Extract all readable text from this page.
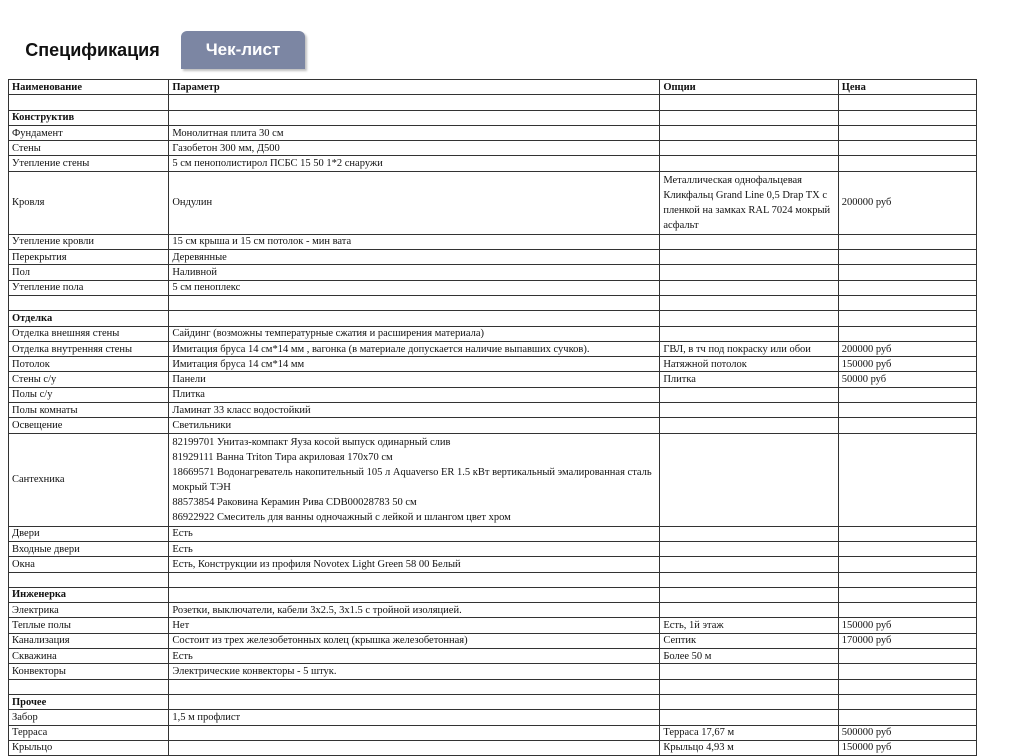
Спецификация	Чек-лист
Наименование	Параметр	Опции	Цена

Конструктив			
Фундамент	Монолитная плита 30 см		
Стены	Газобетон 300 мм, Д500		
Утепление стены	5 см пенополистирол ПСБС 15 50 1*2 снаружи		
Кровля	Ондулин	Металлическая однофальцевая Кликфальц Grand Line 0,5 Drap TX с пленкой на замках RAL 7024 мокрый асфальт	200000 руб
Утепление кровли	15 см крыша и 15 см потолок - мин вата		
Перекрытия	Деревянные		
Пол	Наливной		
Утепление пола	5 см пеноплекс		

Отделка			
Отделка внешняя стены	Сайдинг (возможны температурные сжатия и расширения материала)		
Отделка внутренняя стены	Имитация бруса 14 см*14 мм , вагонка (в материале допускается наличие выпавших сучков).	ГВЛ, в тч под покраску или обои	200000 руб
Потолок	Имитация бруса 14 см*14 мм	Натяжной потолок	150000 руб
Стены с/у	Панели	Плитка	50000 руб
Полы с/у	Плитка		
Полы комнаты	Ламинат 33 класс водостойкий		
Освещение	Светильники		
Сантехника	82199701 Унитаз-компакт Яуза косой выпуск одинарный слив
81929111 Ванна Triton Тира акриловая 170х70 см
18669571 Водонагреватель накопительный 105 л Aquaverso ER 1.5 кВт вертикальный эмалированная сталь мокрый ТЭН
88573854 Раковина Керамин Рива CDB00028783 50 см
86922922 Смеситель для ванны одночажный с лейкой и шлангом цвет хром		
Двери	Есть		
Входные двери	Есть		
Окна	Есть, Конструкции из профиля Novotex Light Green 58 00 Белый		

Инженерка			
Электрика	Розетки, выключатели, кабели 3х2.5, 3х1.5 с тройной изоляцией.		
Теплые полы	Нет	Есть, 1й этаж	150000 руб
Канализация	Состоит из трех железобетонных колец (крышка железобетонная)	Септик	170000 руб
Скважина	Есть	Более 50 м	
Конвекторы	Электрические конвекторы - 5 штук.		

Прочее			
Забор	1,5 м профлист		
Терраса		Терраса 17,67 м	500000 руб
Крыльцо		Крыльцо 4,93 м	150000 руб
